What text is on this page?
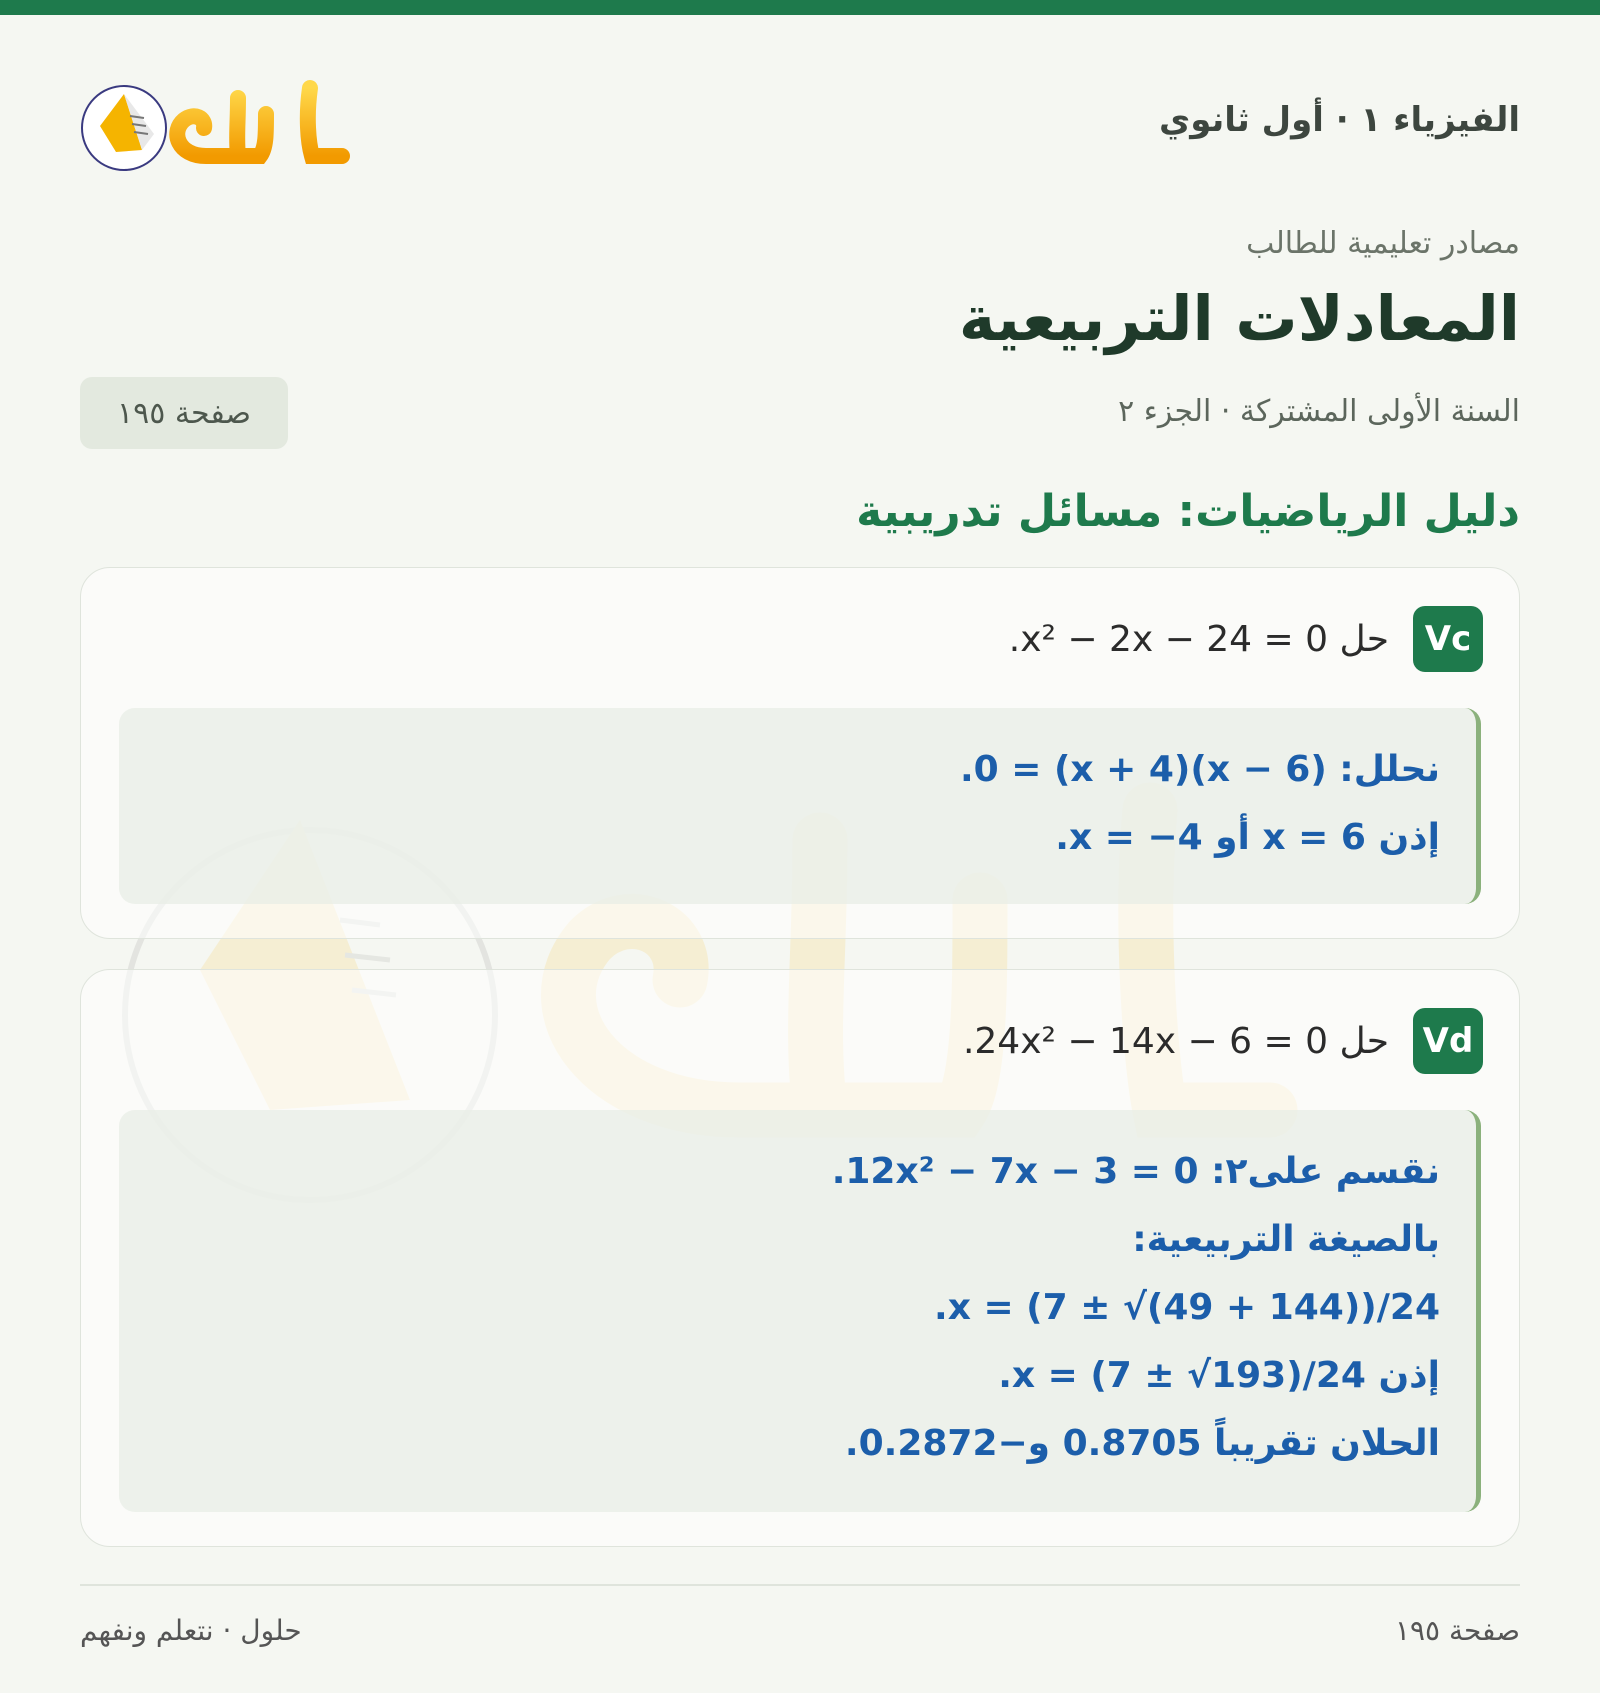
الفيزياء ١ · أول ثانوي
مصادر تعليمية للطالب
المعادلات التربيعية
السنة الأولى المشتركة · الجزء ٢
صفحة ١٩٥
دليل الرياضيات: مسائل تدريبية
Vc
حل x² − 2x − 24 = 0.
نحلل: (x − 6)(x + 4) = 0.
إذن x = 6 أو x = −4.
Vd
حل 24x² − 14x − 6 = 0.
نقسم على٢: 12x² − 7x − 3 = 0.
بالصيغة التربيعية:
x = (7 ± √(49 + 144))/24.
إذن x = (7 ± √193)/24.
الحلان تقريباً 0.8705 و−0.2872.
صفحة ١٩٥
حلول · نتعلم ونفهم
